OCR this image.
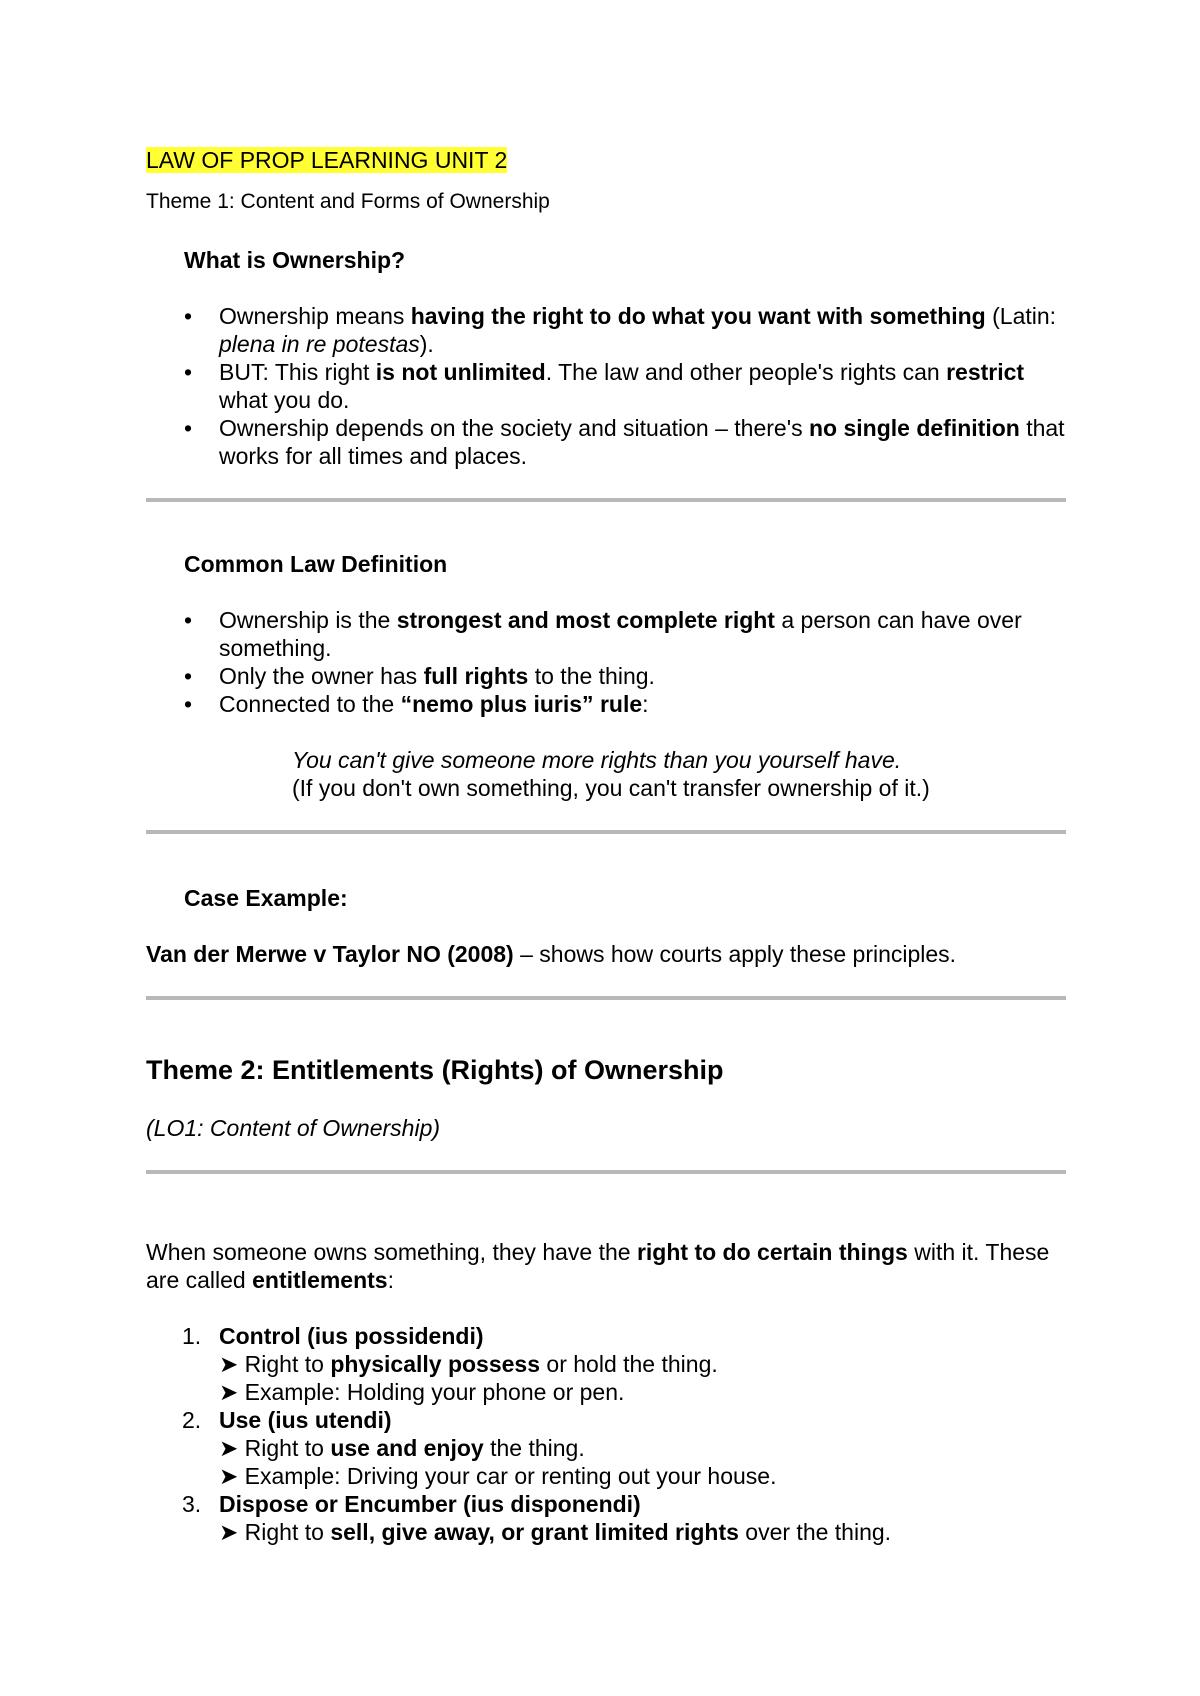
LAW OF PROP LEARNING UNIT 2
Theme 1: Content and Forms of Ownership
What is Ownership?
• Ownership means having the right to do what you want with something (Latin: plena in re potestas).
• BUT: This right is not unlimited. The law and other people's rights can restrict what you do.
• Ownership depends on the society and situation – there's no single definition that works for all times and places.
Common Law Definition
• Ownership is the strongest and most complete right a person can have over something.
• Only the owner has full rights to the thing.
• Connected to the “nemo plus iuris” rule:
You can't give someone more rights than you yourself have.
(If you don't own something, you can't transfer ownership of it.)
Case Example:
Van der Merwe v Taylor NO (2008) – shows how courts apply these principles.
Theme 2: Entitlements (Rights) of Ownership
(LO1: Content of Ownership)
When someone owns something, they have the right to do certain things with it. These are called entitlements:
1. Control (ius possidendi)
➤ Right to physically possess or hold the thing.
➤ Example: Holding your phone or pen.
2. Use (ius utendi)
➤ Right to use and enjoy the thing.
➤ Example: Driving your car or renting out your house.
3. Dispose or Encumber (ius disponendi)
➤ Right to sell, give away, or grant limited rights over the thing.
